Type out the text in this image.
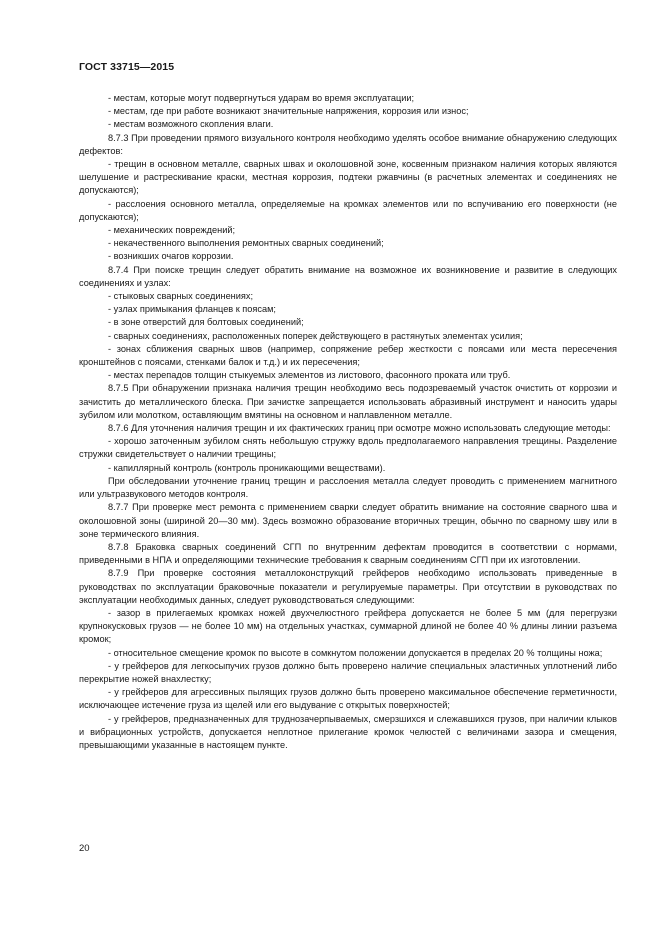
ГОСТ 33715—2015

- местам, которые могут подвергнуться ударам во время эксплуатации;

- местам, где при работе возникают значительные напряжения, коррозия или износ;

- местам возможного скопления влаги.

8.7.3 При проведении прямого визуального контроля необходимо уделять особое внимание обнаружению следующих дефектов:

- трещин в основном металле, сварных швах и околошовной зоне, косвенным признаком наличия которых являются шелушение и растрескивание краски, местная коррозия, подтеки ржавчины (в расчетных элементах и соединениях не допускаются);

- расслоения основного металла, определяемые на кромках элементов или по вспучиванию его поверхности (не допускаются);

- механических повреждений;

- некачественного выполнения ремонтных сварных соединений;

- возникших очагов коррозии.

8.7.4 При поиске трещин следует обратить внимание на возможное их возникновение и развитие в следующих соединениях и узлах:

- стыковых сварных соединениях;

- узлах примыкания фланцев к поясам;

- в зоне отверстий для болтовых соединений;

- сварных соединениях, расположенных поперек действующего в растянутых элементах усилия;

- зонах сближения сварных швов (например, сопряжение ребер жесткости с поясами или места пересечения кронштейнов с поясами, стенками балок и т.д.) и их пересечения;

- местах перепадов толщин стыкуемых элементов из листового, фасонного проката или труб.

8.7.5 При обнаружении признака наличия трещин необходимо весь подозреваемый участок очистить от коррозии и зачистить до металлического блеска. При зачистке запрещается использовать абразивный инструмент и наносить удары зубилом или молотком, оставляющим вмятины на основном и наплавленном металле.

8.7.6 Для уточнения наличия трещин и их фактических границ при осмотре можно использовать следующие методы:

- хорошо заточенным зубилом снять небольшую стружку вдоль предполагаемого направления трещины. Разделение стружки свидетельствует о наличии трещины;

- капиллярный контроль (контроль проникающими веществами).

При обследовании уточнение границ трещин и расслоения металла следует проводить с применением магнитного или ультразвукового методов контроля.

8.7.7 При проверке мест ремонта с применением сварки следует обратить внимание на состояние сварного шва и околошовной зоны (шириной 20—30 мм). Здесь возможно образование вторичных трещин, обычно по сварному шву или в зоне термического влияния.

8.7.8 Браковка сварных соединений СГП по внутренним дефектам проводится в соответствии с нормами, приведенными в НПА и определяющими технические требования к сварным соединениям СГП при их изготовлении.

8.7.9 При проверке состояния металлоконструкций грейферов необходимо использовать приведенные в руководствах по эксплуатации браковочные показатели и регулируемые параметры. При отсутствии в руководствах по эксплуатации необходимых данных, следует руководствоваться следующими:

- зазор в прилегаемых кромках ножей двухчелюстного грейфера допускается не более 5 мм (для перегрузки крупнокусковых грузов — не более 10 мм) на отдельных участках, суммарной длиной не более 40 % длины линии разъема кромок;

- относительное смещение кромок по высоте в сомкнутом положении допускается в пределах 20 % толщины ножа;

- у грейферов для легкосыпучих грузов должно быть проверено наличие специальных эластичных уплотнений либо перекрытие ножей внахлестку;

- у грейферов для агрессивных пылящих грузов должно быть проверено максимальное обеспечение герметичности, исключающее истечение груза из щелей или его выдувание с открытых поверхностей;

- у грейферов, предназначенных для труднозачерпываемых, смерзшихся и слежавшихся грузов, при наличии клыков и вибрационных устройств, допускается неплотное прилегание кромок челюстей с величинами зазора и смещения, превышающими указанные в настоящем пункте.

20
